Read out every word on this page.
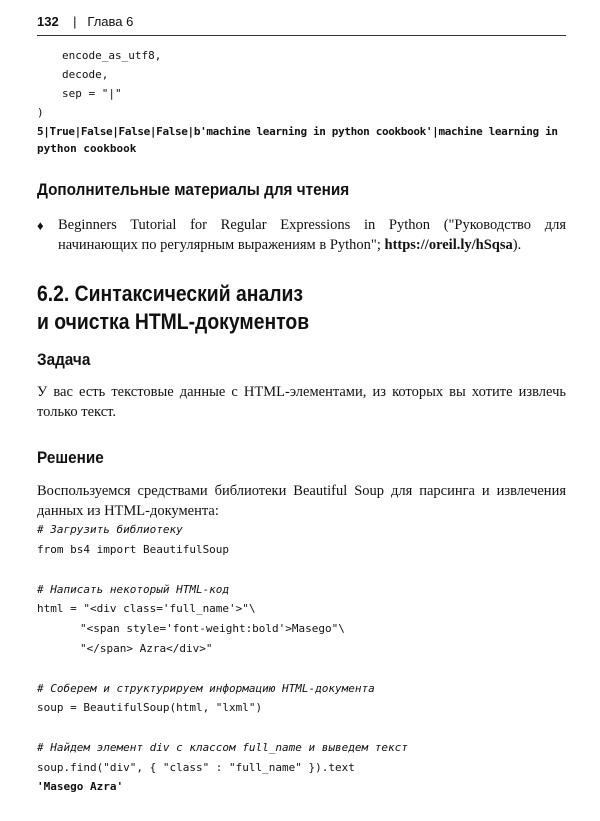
132 | Глава 6
encode_as_utf8,
decode,
sep = "|"
)
5|True|False|False|False|b'machine learning in python cookbook'|machine learning in
python cookbook
Дополнительные материалы для чтения
♦ Beginners Tutorial for Regular Expressions in Python ("Руководство для начинающих по регулярным выражениям в Python"; https://oreil.ly/hSqsa).
6.2. Синтаксический анализ
и очистка HTML-документов
Задача
У вас есть текстовые данные с HTML-элементами, из которых вы хотите извлечь только текст.
Решение
Воспользуемся средствами библиотеки Beautiful Soup для парсинга и извлечения данных из HTML-документа:
# Загрузить библиотеку
from bs4 import BeautifulSoup
# Написать некоторый HTML-код
html = "<div class='full_name'>"\
"<span style='font-weight:bold'>Masego"\
"</span> Azra</div>"
# Соберем и структурируем информацию HTML-документа
soup = BeautifulSoup(html, "lxml")
# Найдем элемент div с классом full_name и выведем текст
soup.find("div", { "class" : "full_name" }).text
'Masego Azra'
